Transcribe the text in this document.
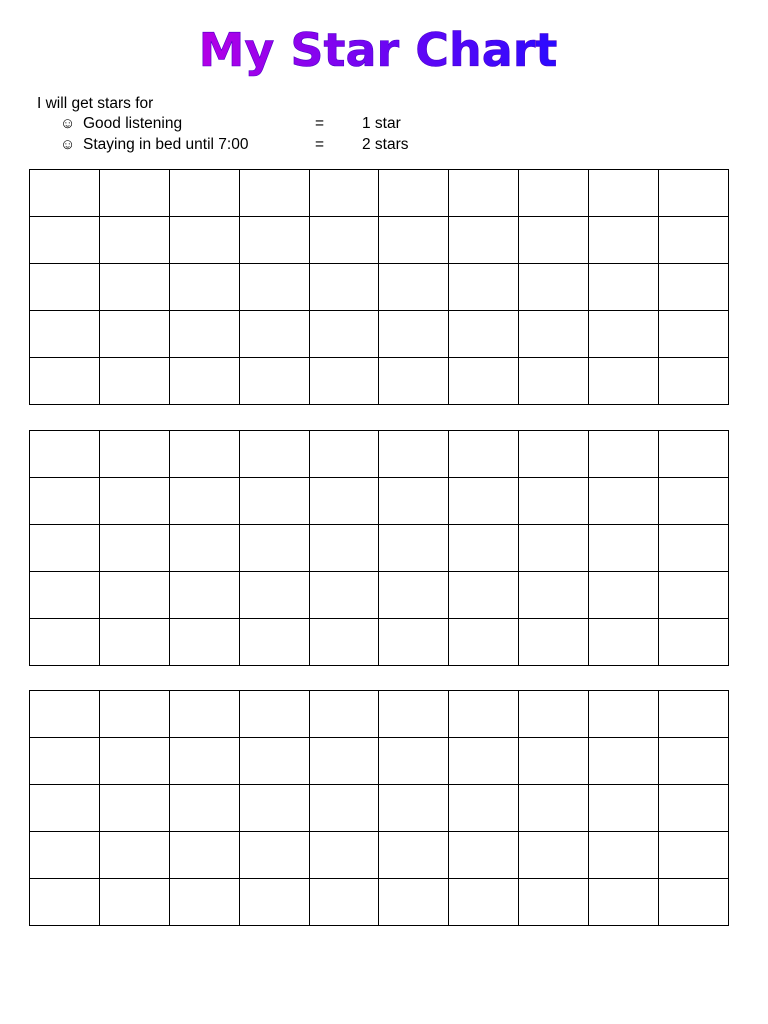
My Star Chart
I will get stars for
☺ Good listening	= 1 star
☺ Staying in bed until 7:00	= 2 stars
